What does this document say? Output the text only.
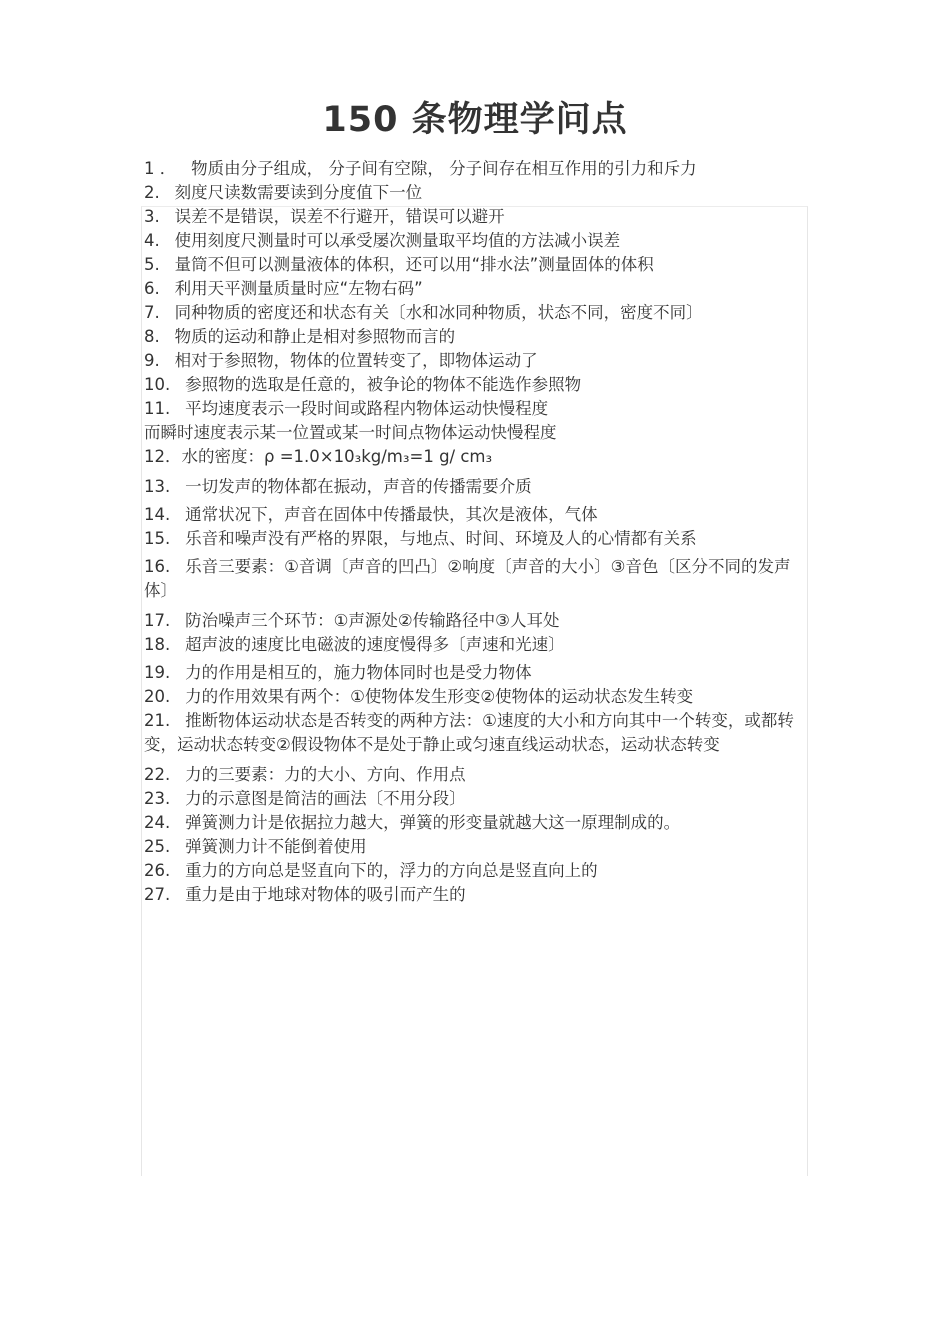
150 条物理学问点
1 ． 物质由分子组成， 分子间有空隙， 分子间存在相互作用的引力和斥力
2. 刻度尺读数需要读到分度值下一位
3. 误差不是错误，误差不行避开，错误可以避开
4. 使用刻度尺测量时可以承受屡次测量取平均值的方法减小误差
5. 量筒不但可以测量液体的体积，还可以用“排水法”测量固体的体积
6. 利用天平测量质量时应“左物右码”
7. 同种物质的密度还和状态有关〔水和冰同种物质，状态不同，密度不同〕
8. 物质的运动和静止是相对参照物而言的
9. 相对于参照物，物体的位置转变了，即物体运动了
10. 参照物的选取是任意的，被争论的物体不能选作参照物
11. 平均速度表示一段时间或路程内物体运动快慢程度
而瞬时速度表示某一位置或某一时间点物体运动快慢程度
12．水的密度：ρ =1.0×10₃kg/m₃=1 g/ cm₃
13. 一切发声的物体都在振动，声音的传播需要介质
14. 通常状况下，声音在固体中传播最快，其次是液体，气体
15. 乐音和噪声没有严格的界限，与地点、时间、环境及人的心情都有关系
16. 乐音三要素：①音调〔声音的凹凸〕②响度〔声音的大小〕③音色〔区分不同的发声体〕
17. 防治噪声三个环节：①声源处②传输路径中③人耳处
18. 超声波的速度比电磁波的速度慢得多〔声速和光速〕
19. 力的作用是相互的，施力物体同时也是受力物体
20. 力的作用效果有两个：①使物体发生形变②使物体的运动状态发生转变
21. 推断物体运动状态是否转变的两种方法：①速度的大小和方向其中一个转变，或都转变，运动状态转变②假设物体不是处于静止或匀速直线运动状态，运动状态转变
22. 力的三要素：力的大小、方向、作用点
23. 力的示意图是简洁的画法〔不用分段〕
24. 弹簧测力计是依据拉力越大，弹簧的形变量就越大这一原理制成的。
25. 弹簧测力计不能倒着使用
26. 重力的方向总是竖直向下的，浮力的方向总是竖直向上的
27. 重力是由于地球对物体的吸引而产生的
